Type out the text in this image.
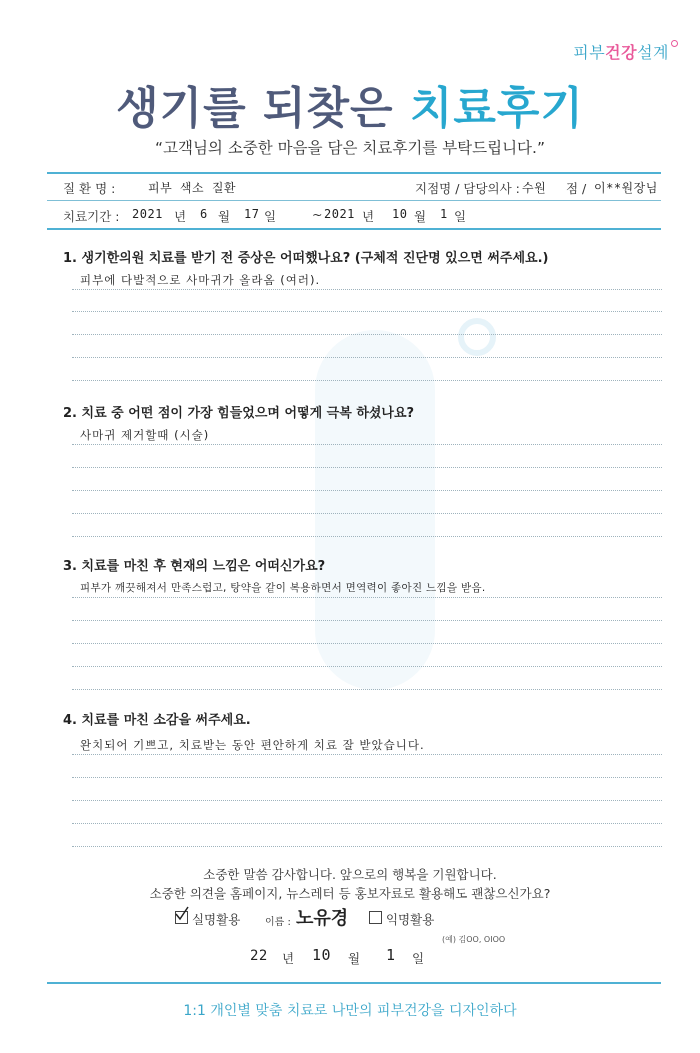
피부건강설계
생기를 되찾은 치료후기
“고객님의 소중한 마음을 담은 치료후기를 부탁드립니다.”
질 환 명 :	피부 색소 질환	지점명 / 담당의사 : 수원 점 / 이**원장님
치료기간 : 2021 년 6 월 17 일	~ 2021 년 10 월 1 일
1. 생기한의원 치료를 받기 전 증상은 어떠했나요? (구체적 진단명 있으면 써주세요.)
피부에 다발적으로 사마귀가 올라옴 (여러).
2. 치료 중 어떤 점이 가장 힘들었으며 어떻게 극복 하셨나요?
사마귀 제거할때 (시술)
3. 치료를 마친 후 현재의 느낌은 어떠신가요?
피부가 깨끗해져서 만족스럽고, 탕약을 같이 복용하면서 면역력이 좋아진 느낌을 받음.
4. 치료를 마친 소감을 써주세요.
완치되어 기쁘고, 치료받는 동안 편안하게 치료 잘 받았습니다.
소중한 말씀 감사합니다. 앞으로의 행복을 기원합니다.
소중한 의견을 홈페이지, 뉴스레터 등 홍보자료로 활용해도 괜찮으신가요?
실명활용 이름 : 노유경	익명활용
(예) 김OO, OIOO
22 년 10 월 1 일
1:1 개인별 맞춤 치료로 나만의 피부건강을 디자인하다
